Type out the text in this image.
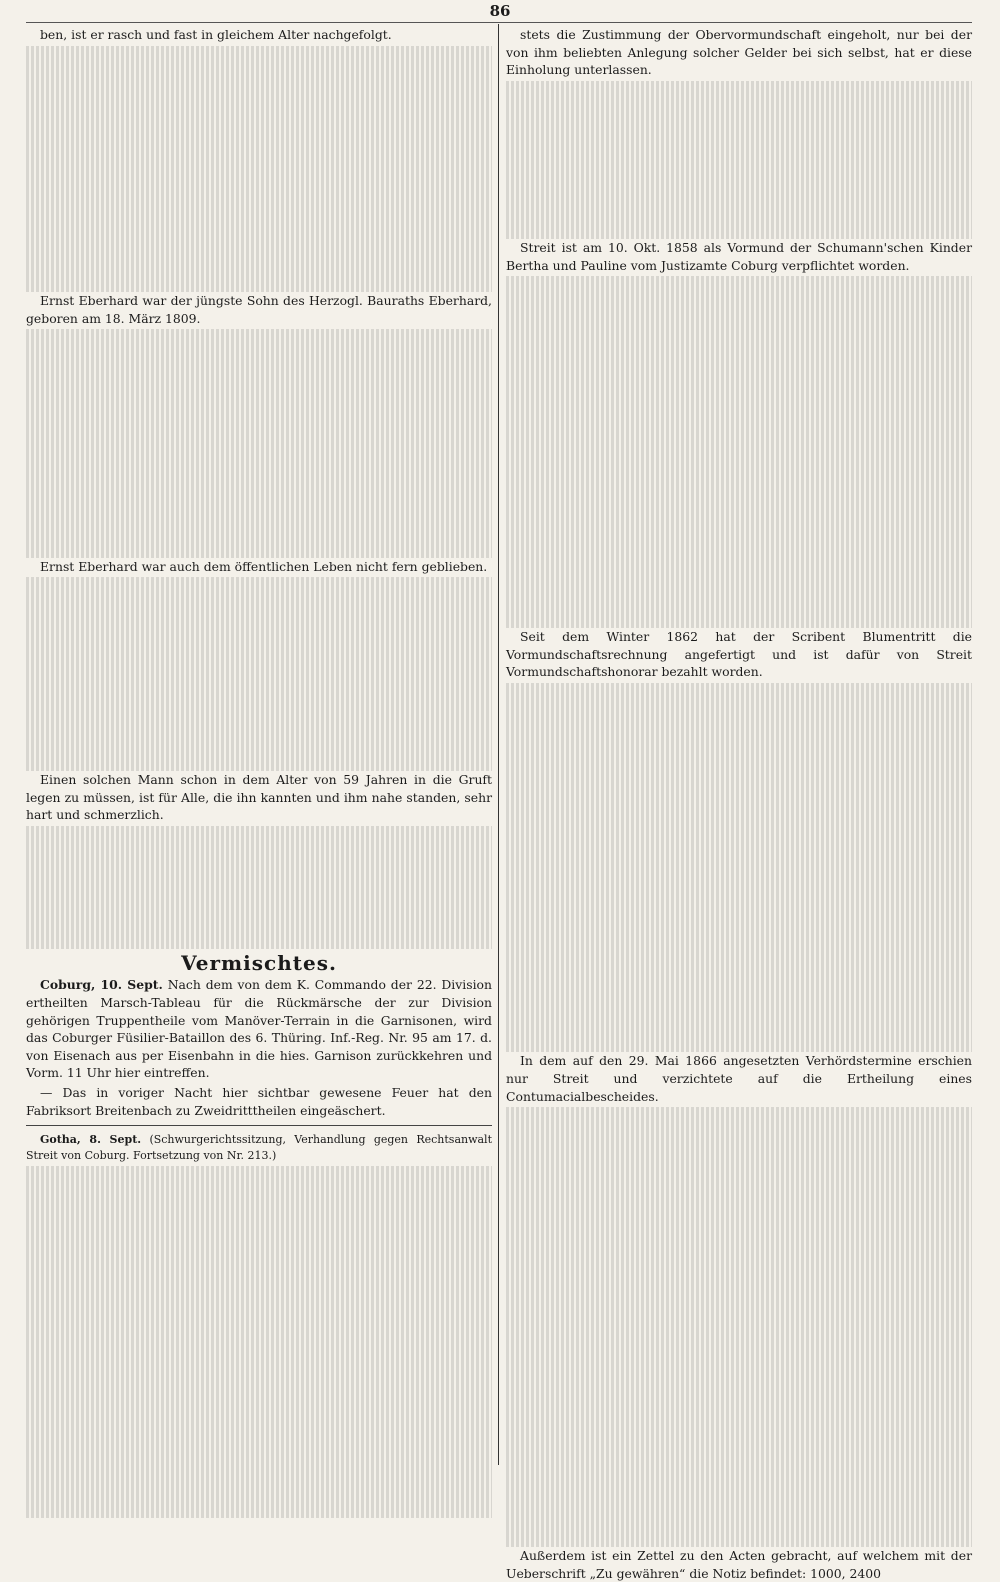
86

ben, ist er rasch und fast in gleichem Alter nachgefolgt.

Ernst Eberhard war der jüngste Sohn des Herzogl. Bauraths Eberhard, geboren am 18. März 1809.

Ernst Eberhard war auch dem öffentlichen Leben nicht fern geblieben.

Einen solchen Mann schon in dem Alter von 59 Jahren in die Gruft legen zu müssen, ist für Alle, die ihn kannten und ihm nahe standen, sehr hart und schmerzlich.

Vermischtes.

Coburg, 10. Sept. Nach dem von dem K. Commando der 22. Division ertheilten Marsch-Tableau für die Rückmärsche der zur Division gehörigen Truppentheile vom Manöver-Terrain in die Garnisonen, wird das Coburger Füsilier-Bataillon des 6. Thüring. Inf.-Reg. Nr. 95 am 17. d. von Eisenach aus per Eisenbahn in die hies. Garnison zurückkehren und Vorm. 11 Uhr hier eintreffen.

— Das in voriger Nacht hier sichtbar gewesene Feuer hat den Fabriksort Breitenbach zu Zweidritttheilen eingeäschert.

Gotha, 8. Sept. (Schwurgerichtssitzung, Verhandlung gegen Rechtsanwalt Streit von Coburg. Fortsetzung von Nr. 213.)

stets die Zustimmung der Obervormundschaft eingeholt, nur bei der von ihm beliebten Anlegung solcher Gelder bei sich selbst, hat er diese Einholung unterlassen.

Streit ist am 10. Okt. 1858 als Vormund der Schumann'schen Kinder Bertha und Pauline vom Justizamte Coburg verpflichtet worden.

Seit dem Winter 1862 hat der Scribent Blumentritt die Vormundschaftsrechnung angefertigt und ist dafür von Streit Vormundschaftshonorar bezahlt worden.

In dem auf den 29. Mai 1866 angesetzten Verhördstermine erschien nur Streit und verzichtete auf die Ertheilung eines Contumacialbescheides.

Außerdem ist ein Zettel zu den Acten gebracht, auf welchem mit der Ueberschrift „Zu gewähren“ die Notiz befindet: 1000, 2400
